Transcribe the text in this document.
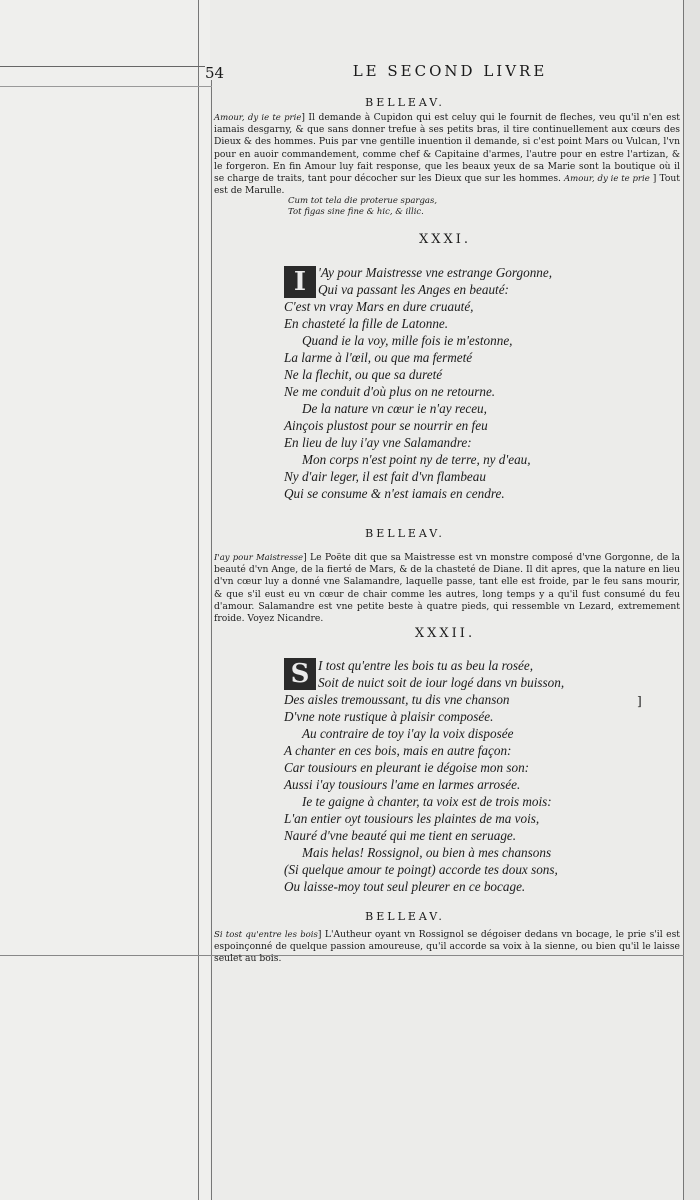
54	LE SECOND LIVRE
BELLEAV.
Amour, dy ie te prie] Il demande à Cupidon qui est celuy qui le fournit de fleches, veu qu'il n'en est iamais desgarny, & que sans donner trefue à ses petits bras, il tire continuellement aux cœurs des Dieux & des hommes. Puis par vne gentille inuention il demande, si c'est point Mars ou Vulcan, l'vn pour en auoir commandement, comme chef & Capitaine d'armes, l'autre pour en estre l'artizan, & le forgeron. En fin Amour luy fait response, que les beaux yeux de sa Marie sont la boutique où il se charge de traits, tant pour décocher sur les Dieux que sur les hommes. Amour, dy ie te prie ] Tout est de Marulle.
Cum tot tela die proterue spargas,
Tot figas sine fine & hic, & illic.
XXXI.
I 'Ay pour Maistresse vne estrange Gorgonne,
Qui va passant les Anges en beauté:
C'est vn vray Mars en dure cruauté,
En chasteté la fille de Latonne.
Quand ie la voy, mille fois ie m'estonne,
La larme à l'œil, ou que ma fermeté
Ne la flechit, ou que sa dureté
Ne me conduit d'où plus on ne retourne.
De la nature vn cœur ie n'ay receu,
Ainçois plustost pour se nourrir en feu
En lieu de luy i'ay vne Salamandre:
Mon corps n'est point ny de terre, ny d'eau,
Ny d'air leger, il est fait d'vn flambeau
Qui se consume & n'est iamais en cendre.
BELLEAV.
I'ay pour Maistresse] Le Poëte dit que sa Maistresse est vn monstre composé d'vne Gorgonne, de la beauté d'vn Ange, de la fierté de Mars, & de la chasteté de Diane. Il dit apres, que la nature en lieu d'vn cœur luy a donné vne Salamandre, laquelle passe, tant elle est froide, par le feu sans mourir, & que s'il eust eu vn cœur de chair comme les autres, long temps y a qu'il fust consumé du feu d'amour. Salamandre est vne petite beste à quatre pieds, qui ressemble vn Lezard, extremement froide. Voyez Nicandre.
XXXII.
S I tost qu'entre les bois tu as beu la rosée,
Soit de nuict soit de iour logé dans vn buisson,
Des aisles tremoussant, tu dis vne chanson
D'vne note rustique à plaisir composée.
Au contraire de toy i'ay la voix disposée
A chanter en ces bois, mais en autre façon:
Car tousiours en pleurant ie dégoise mon son:
Aussi i'ay tousiours l'ame en larmes arrosée.
Ie te gaigne à chanter, ta voix est de trois mois:
L'an entier oyt tousiours les plaintes de ma vois,
Nauré d'vne beauté qui me tient en seruage.
Mais helas! Rossignol, ou bien à mes chansons
(Si quelque amour te poingt) accorde tes doux sons,
Ou laisse-moy tout seul pleurer en ce bocage.
]
BELLEAV.
Si tost qu'entre les bois] L'Autheur oyant vn Rossignol se dégoiser dedans vn bocage, le prie s'il est espoinçonné de quelque passion amoureuse, qu'il accorde sa voix à la sienne, ou bien qu'il le laisse seulet au bois.
